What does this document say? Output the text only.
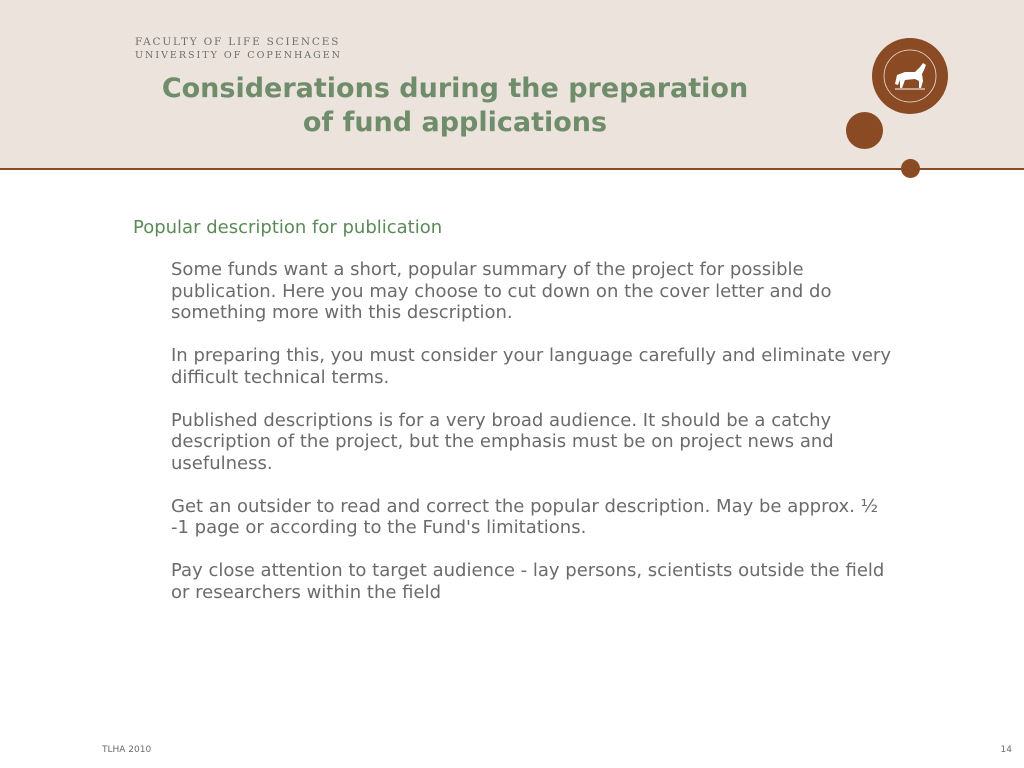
FACULTY OF LIFE SCIENCES
UNIVERSITY OF COPENHAGEN
Considerations during the preparation
of fund applications
Popular description for publication

Some funds want a short, popular summary of the project for possible publication. Here you may choose to cut down on the cover letter and do something more with this description.

In preparing this, you must consider your language carefully and eliminate very difficult technical terms.

Published descriptions is for a very broad audience. It should be a catchy description of the project, but the emphasis must be on project news and usefulness.

Get an outsider to read and correct the popular description. May be approx. ½ -1 page or according to the Fund's limitations.

Pay close attention to target audience - lay persons, scientists outside the field or researchers within the field

TLHA 2010	14
